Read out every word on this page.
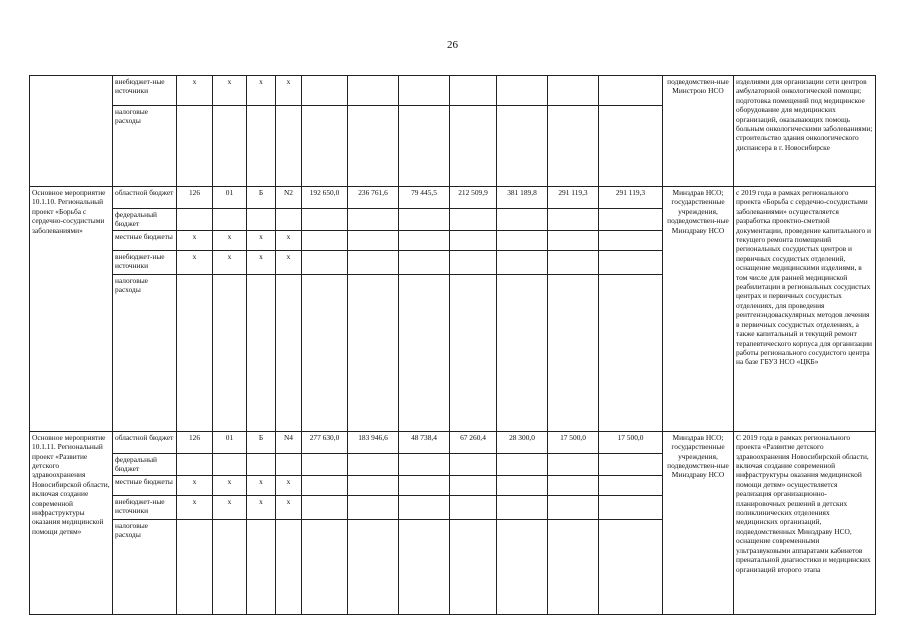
26
	внебюджет-ные источники	x	x	x	x								подведомствен-ные Минстрою НСО	изделиями для организации сети центров амбулаторной онкологической помощи; подготовка помещений под медицинское оборудование для медицинских организаций, оказывающих помощь больным онкологическими заболеваниями; строительство здания онкологического диспансера в г. Новосибирске
	налоговые расходы													
Основное мероприятие 10.1.10. Региональный проект «Борьба с сердечно-сосудистыми заболеваниями»	областной бюджет	126	01	Б	N2	192 650,0	236 761,6	79 445,5	212 509,9	381 189,8	291 119,3	291 119,3	Минздрав НСО; государственные учреждения, подведомствен-ные Минздраву НСО	с 2019 года в рамках регионального проекта «Борьба с сердечно-сосудистыми заболеваниями» осуществляется разработка проектно-сметной документации, проведение капитального и текущего ремонта помещений региональных сосудистых центров и первичных сосудистых отделений, оснащение медицинскими изделиями, в том числе для ранней медицинской реабилитации в региональных сосудистых центрах и первичных сосудистых отделениях, для проведения рентгенэндоваскулярных методов лечения в первичных сосудистых отделениях, а также капитальный и текущий ремонт терапевтического корпуса для организации работы регионального сосудистого центра на базе ГБУЗ НСО «ЦКБ»
	федеральный бюджет													
	местные бюджеты	x	x	x	x									
	внебюджет-ные источники	x	x	x	x									
	налоговые расходы													
Основное мероприятие 10.1.11. Региональный проект «Развитие детского здравоохранения Новосибирской области, включая создание современной инфраструктуры оказания медицинской помощи детям»	областной бюджет	126	01	Б	N4	277 630,0	183 946,6	48 738,4	67 260,4	28 300,0	17 500,0	17 500,0	Минздрав НСО; государственные учреждения, подведомствен-ные Минздраву НСО	С 2019 года в рамках регионального проекта «Развитие детского здравоохранения Новосибирской области, включая создание современной инфраструктуры оказания медицинской помощи детям» осуществляется реализация организационно-планировочных решений в детских поликлинических отделениях медицинских организаций, подведомственных Минздраву НСО, оснащение современными ультразвуковыми аппаратами кабинетов пренатальной диагностики и медицинских организаций второго этапа
	федеральный бюджет													
	местные бюджеты	x	x	x	x									
	внебюджет-ные источники	x	x	x	x									
	налоговые расходы													
